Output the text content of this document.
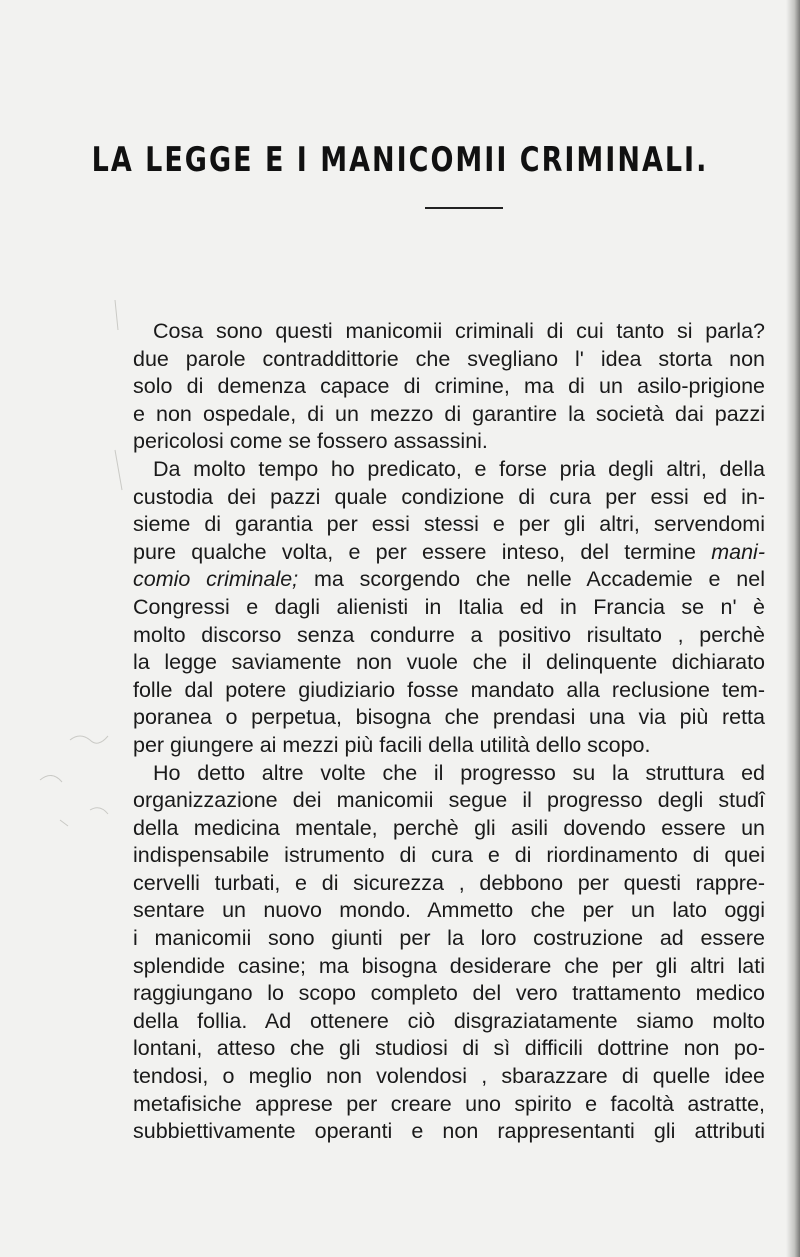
LA LEGGE E I MANICOMII CRIMINALI.
Cosa sono questi manicomii criminali di cui tanto si parla?
due parole contraddittorie che svegliano l' idea storta non
solo di demenza capace di crimine, ma di un asilo-prigione
e non ospedale, di un mezzo di garantire la società dai pazzi
pericolosi come se fossero assassini.
Da molto tempo ho predicato, e forse pria degli altri, della
custodia dei pazzi quale condizione di cura per essi ed in-
sieme di garantia per essi stessi e per gli altri, servendomi
pure qualche volta, e per essere inteso, del termine mani-
comio criminale; ma scorgendo che nelle Accademie e nel
Congressi e dagli alienisti in Italia ed in Francia se n' è
molto discorso senza condurre a positivo risultato , perchè
la legge saviamente non vuole che il delinquente dichiarato
folle dal potere giudiziario fosse mandato alla reclusione tem-
poranea o perpetua, bisogna che prendasi una via più retta
per giungere ai mezzi più facili della utilità dello scopo.
Ho detto altre volte che il progresso su la struttura ed
organizzazione dei manicomii segue il progresso degli studî
della medicina mentale, perchè gli asili dovendo essere un
indispensabile istrumento di cura e di riordinamento di quei
cervelli turbati, e di sicurezza , debbono per questi rappre-
sentare un nuovo mondo. Ammetto che per un lato oggi
i manicomii sono giunti per la loro costruzione ad essere
splendide casine; ma bisogna desiderare che per gli altri lati
raggiungano lo scopo completo del vero trattamento medico
della follia. Ad ottenere ciò disgraziatamente siamo molto
lontani, atteso che gli studiosi di sì difficili dottrine non po-
tendosi, o meglio non volendosi , sbarazzare di quelle idee
metafisiche apprese per creare uno spirito e facoltà astratte,
subbiettivamente operanti e non rappresentanti gli attributi
